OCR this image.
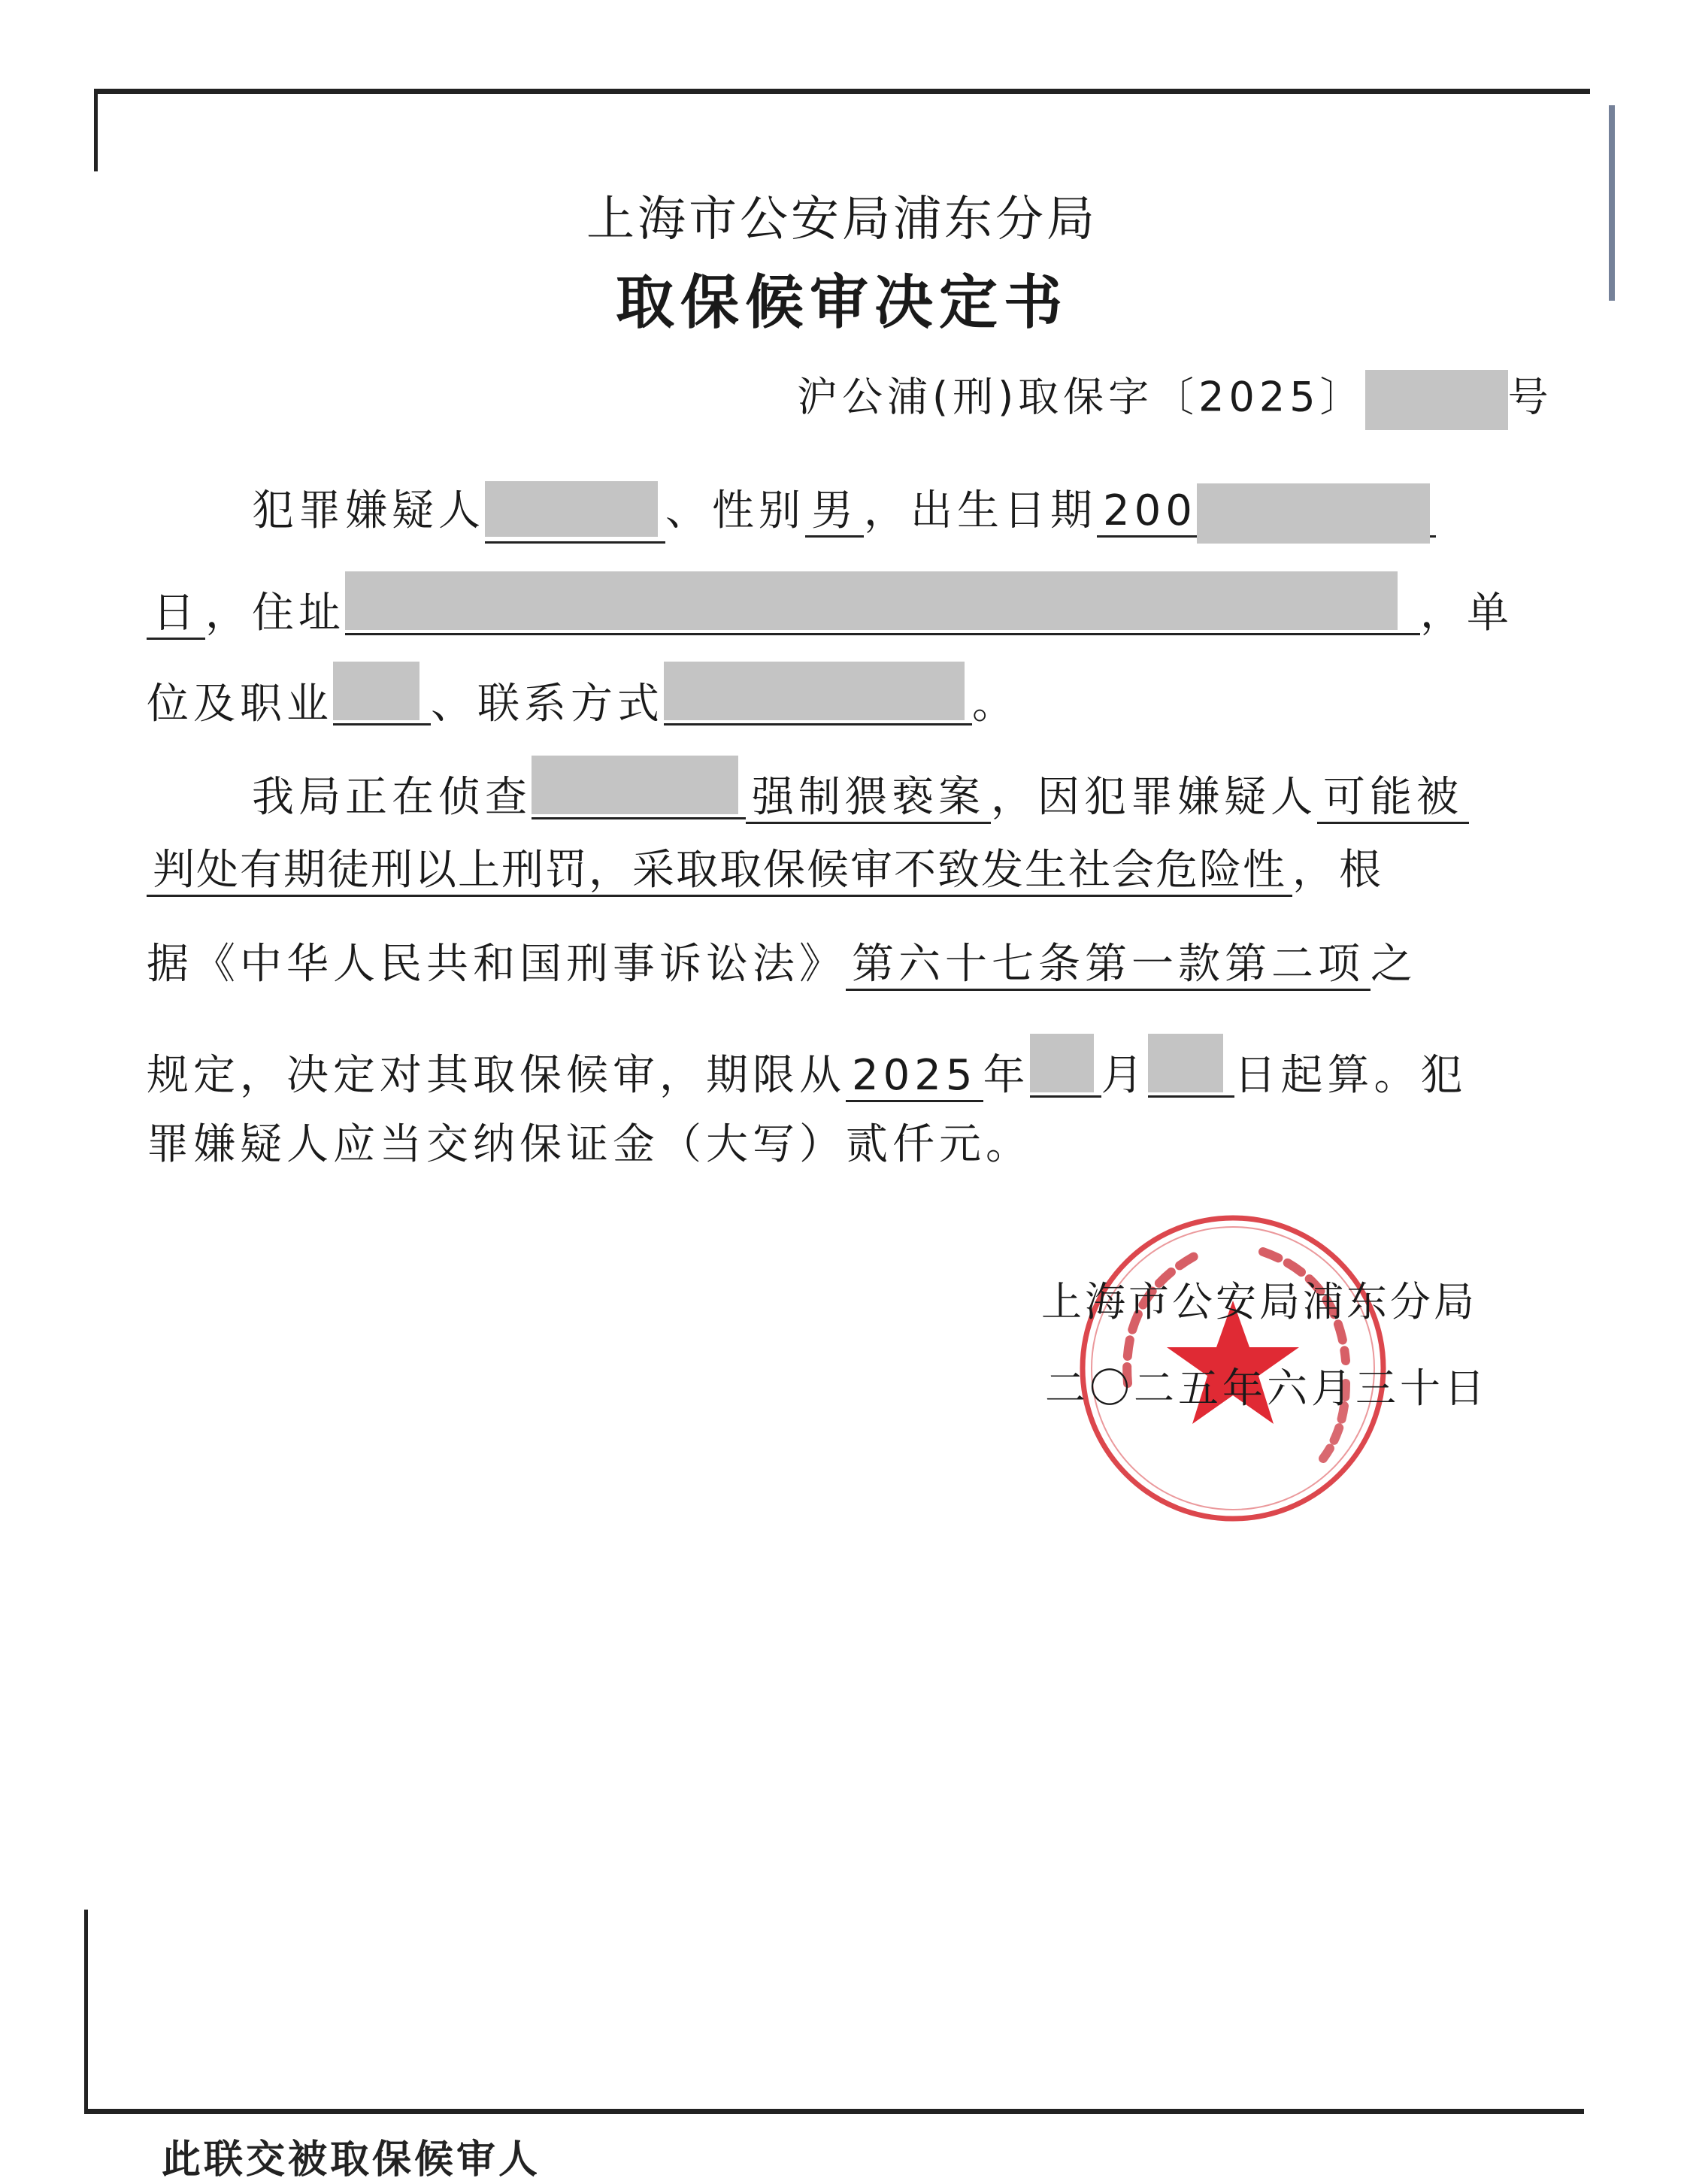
上海市公安局浦东分局
取保候审决定书
沪公浦(刑)取保字〔2025〕	号
犯罪嫌疑人	、性别 男 ，出生日期 200
日 ，住址	，单
位及职业 、联系方式	。
我局正在侦查	强制猥亵案 ，因犯罪嫌疑人 可能被
判处有期徒刑以上刑罚，采取取保候审不致发生社会危险性 ，根
据《中华人民共和国刑事诉讼法》 第六十七条第一款第二项 之
规定，决定对其取保候审，期限从 2025 年 月 日起算。犯
罪嫌疑人应当交纳保证金（大写）贰仟元。
上海市公安局浦东分局
二〇二五年六月三十日
此联交被取保候审人
